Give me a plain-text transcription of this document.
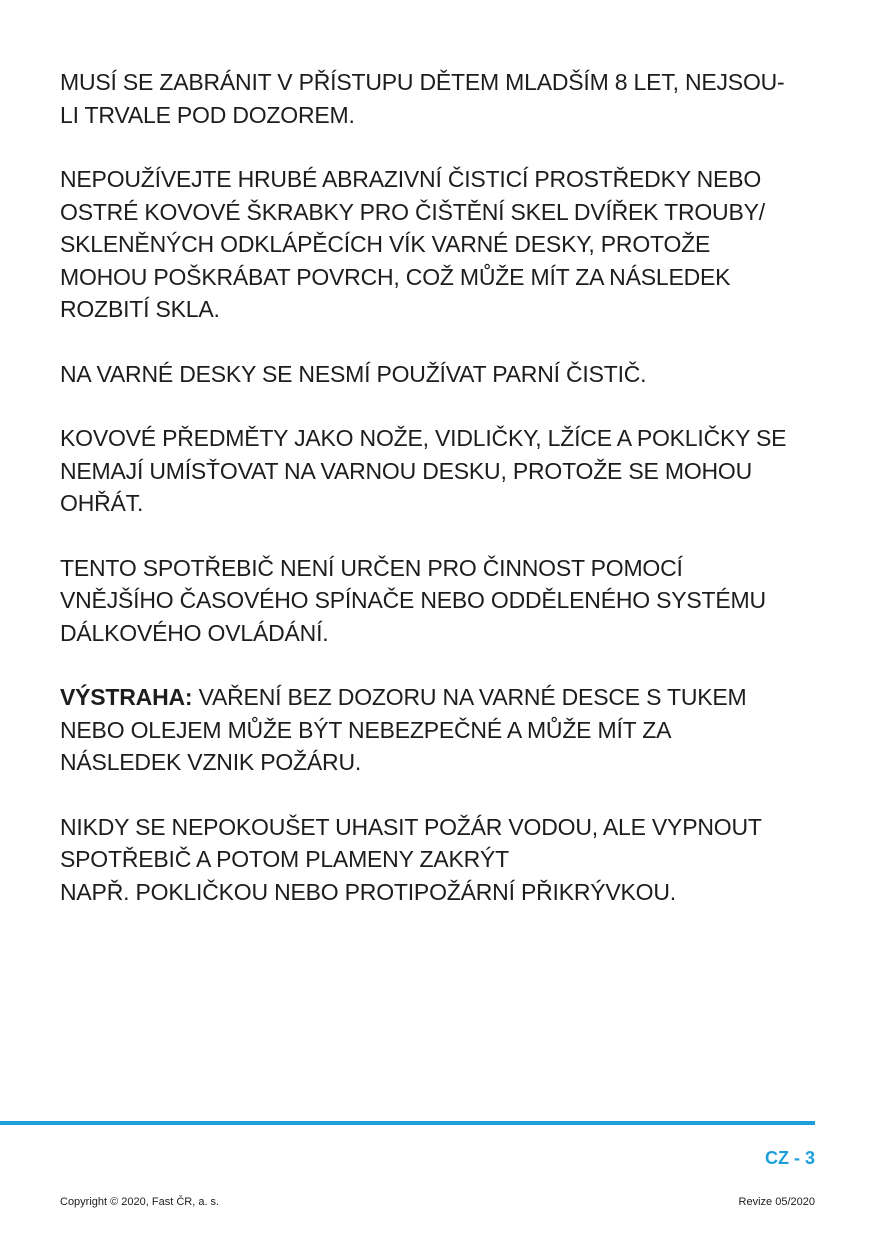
MUSÍ SE ZABRÁNIT V PŘÍSTUPU DĚTEM MLADŠÍM 8 LET, NEJSOU-
LI TRVALE POD DOZOREM.

NEPOUŽÍVEJTE HRUBÉ ABRAZIVNÍ ČISTICÍ PROSTŘEDKY NEBO
OSTRÉ KOVOVÉ ŠKRABKY PRO ČIŠTĚNÍ SKEL DVÍŘEK TROUBY/
SKLENĚNÝCH ODKLÁPĚCÍCH VÍK VARNÉ DESKY, PROTOŽE
MOHOU POŠKRÁBAT POVRCH, COŽ MŮŽE MÍT ZA NÁSLEDEK
ROZBITÍ SKLA.

NA VARNÉ DESKY SE NESMÍ POUŽÍVAT PARNÍ ČISTIČ.

KOVOVÉ PŘEDMĚTY JAKO NOŽE, VIDLIČKY, LŽÍCE A POKLIČKY SE
NEMAJÍ UMÍSŤOVAT NA VARNOU DESKU, PROTOŽE SE MOHOU
OHŘÁT.

TENTO SPOTŘEBIČ NENÍ URČEN PRO ČINNOST POMOCÍ
VNĚJŠÍHO ČASOVÉHO SPÍNAČE NEBO ODDĚLENÉHO SYSTÉMU
DÁLKOVÉHO OVLÁDÁNÍ.

VÝSTRAHA: VAŘENÍ BEZ DOZORU NA VARNÉ DESCE S TUKEM
NEBO OLEJEM MŮŽE BÝT NEBEZPEČNÉ A MŮŽE MÍT ZA
NÁSLEDEK VZNIK POŽÁRU.

NIKDY SE NEPOKOUŠET UHASIT POŽÁR VODOU, ALE VYPNOUT
SPOTŘEBIČ A POTOM PLAMENY ZAKRÝT
NAPŘ. POKLIČKOU NEBO PROTIPOŽÁRNÍ PŘIKRÝVKOU.

CZ - 3
Copyright © 2020, Fast ČR, a. s.	Revize 05/2020
